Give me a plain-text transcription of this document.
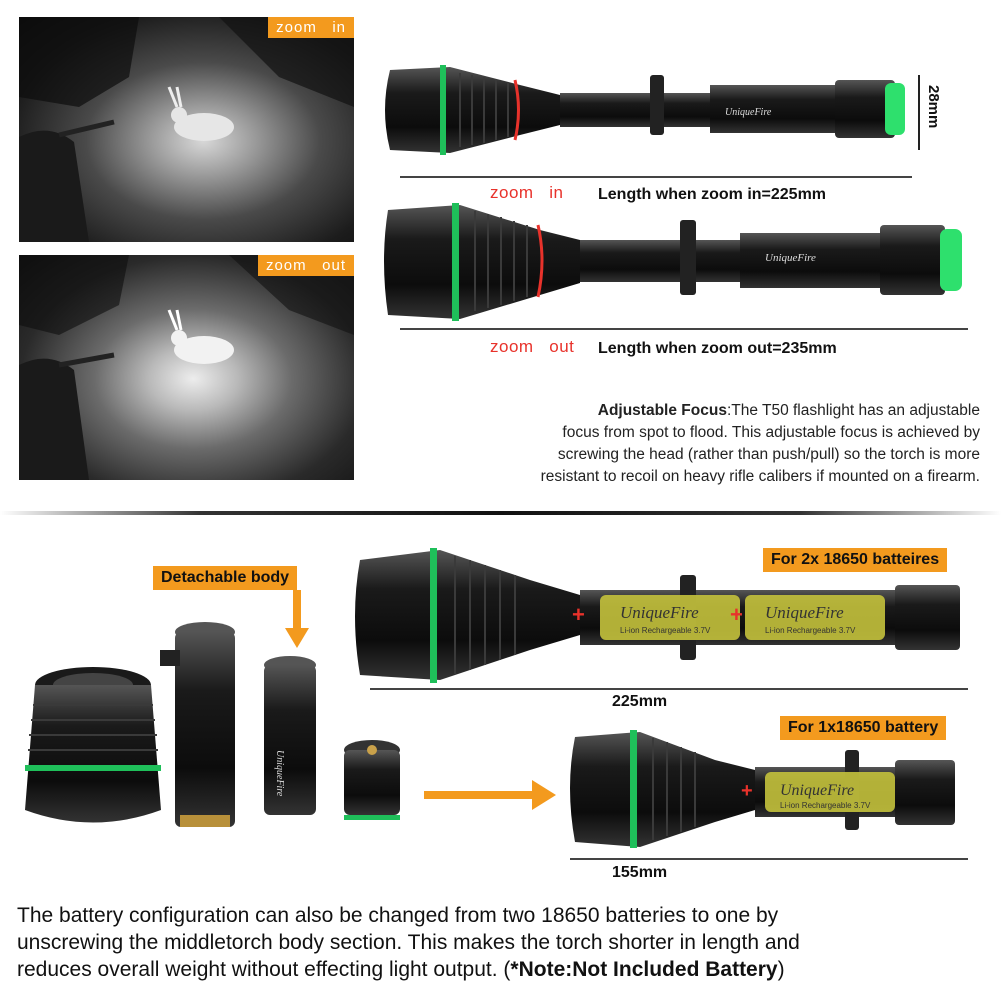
zoom   in
zoom   out
UniqueFire	28mm
zoom   in Length when zoom in=225mm
UniqueFire
zoom   out Length when zoom out=235mm
Adjustable Focus:The T50 flashlight has an adjustable
focus from spot to flood. This adjustable focus is achieved by
screwing the head (rather than push/pull) so the torch is more
resistant to recoil on heavy rifle calibers if mounted on a firearm.
Detachable body
UniqueFire
For 2x 18650 batteires
UniqueFire
Li-ion Rechargeable 3.7V
UniqueFire
Li-ion Rechargeable 3.7V
+	+
225mm
For 1x18650 battery
UniqueFire
Li-ion Rechargeable 3.7V
+
155mm
The battery configuration can also be changed from two 18650 batteries to one by
unscrewing the middletorch body section. This makes the torch shorter in length and
reduces overall weight without effecting light output. (*Note:Not Included Battery)
